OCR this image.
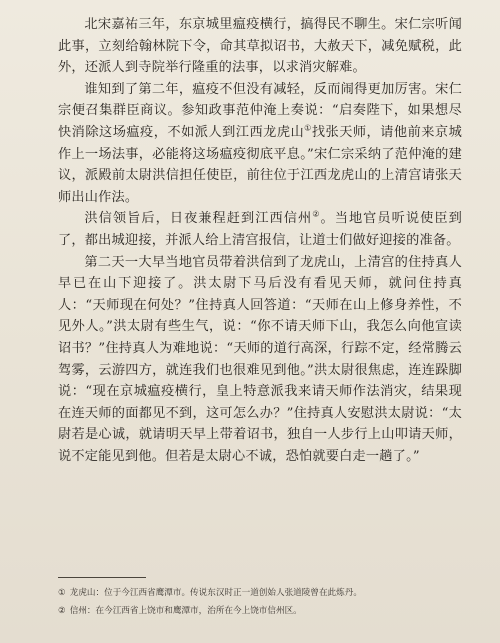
北宋嘉祐三年，东京城里瘟疫横行，搞得民不聊生。宋仁宗听闻此事，立刻给翰林院下令，命其草拟诏书，大赦天下，减免赋税，此外，还派人到寺院举行隆重的法事，以求消灾解难。

谁知到了第二年，瘟疫不但没有减轻，反而闹得更加厉害。宋仁宗便召集群臣商议。参知政事范仲淹上奏说：“启奏陛下，如果想尽快消除这场瘟疫，不如派人到江西龙虎山①找张天师，请他前来京城作上一场法事，必能将这场瘟疫彻底平息。”宋仁宗采纳了范仲淹的建议，派殿前太尉洪信担任使臣，前往位于江西龙虎山的上清宫请张天师出山作法。

洪信领旨后，日夜兼程赶到江西信州②。当地官员听说使臣到了，都出城迎接，并派人给上清宫报信，让道士们做好迎接的准备。

第二天一大早当地官员带着洪信到了龙虎山，上清宫的住持真人早已在山下迎接了。洪太尉下马后没有看见天师，就问住持真人：“天师现在何处？”住持真人回答道：“天师在山上修身养性，不见外人。”洪太尉有些生气，说：“你不请天师下山，我怎么向他宣读诏书？”住持真人为难地说：“天师的道行高深，行踪不定，经常腾云驾雾，云游四方，就连我们也很难见到他。”洪太尉很焦虑，连连跺脚说：“现在京城瘟疫横行，皇上特意派我来请天师作法消灾，结果现在连天师的面都见不到，这可怎么办？”住持真人安慰洪太尉说：“太尉若是心诚，就请明天早上带着诏书，独自一人步行上山叩请天师，说不定能见到他。但若是太尉心不诚，恐怕就要白走一趟了。”

① 龙虎山：位于今江西省鹰潭市。传说东汉时正一道创始人张道陵曾在此炼丹。

② 信州：在今江西省上饶市和鹰潭市，治所在今上饶市信州区。
